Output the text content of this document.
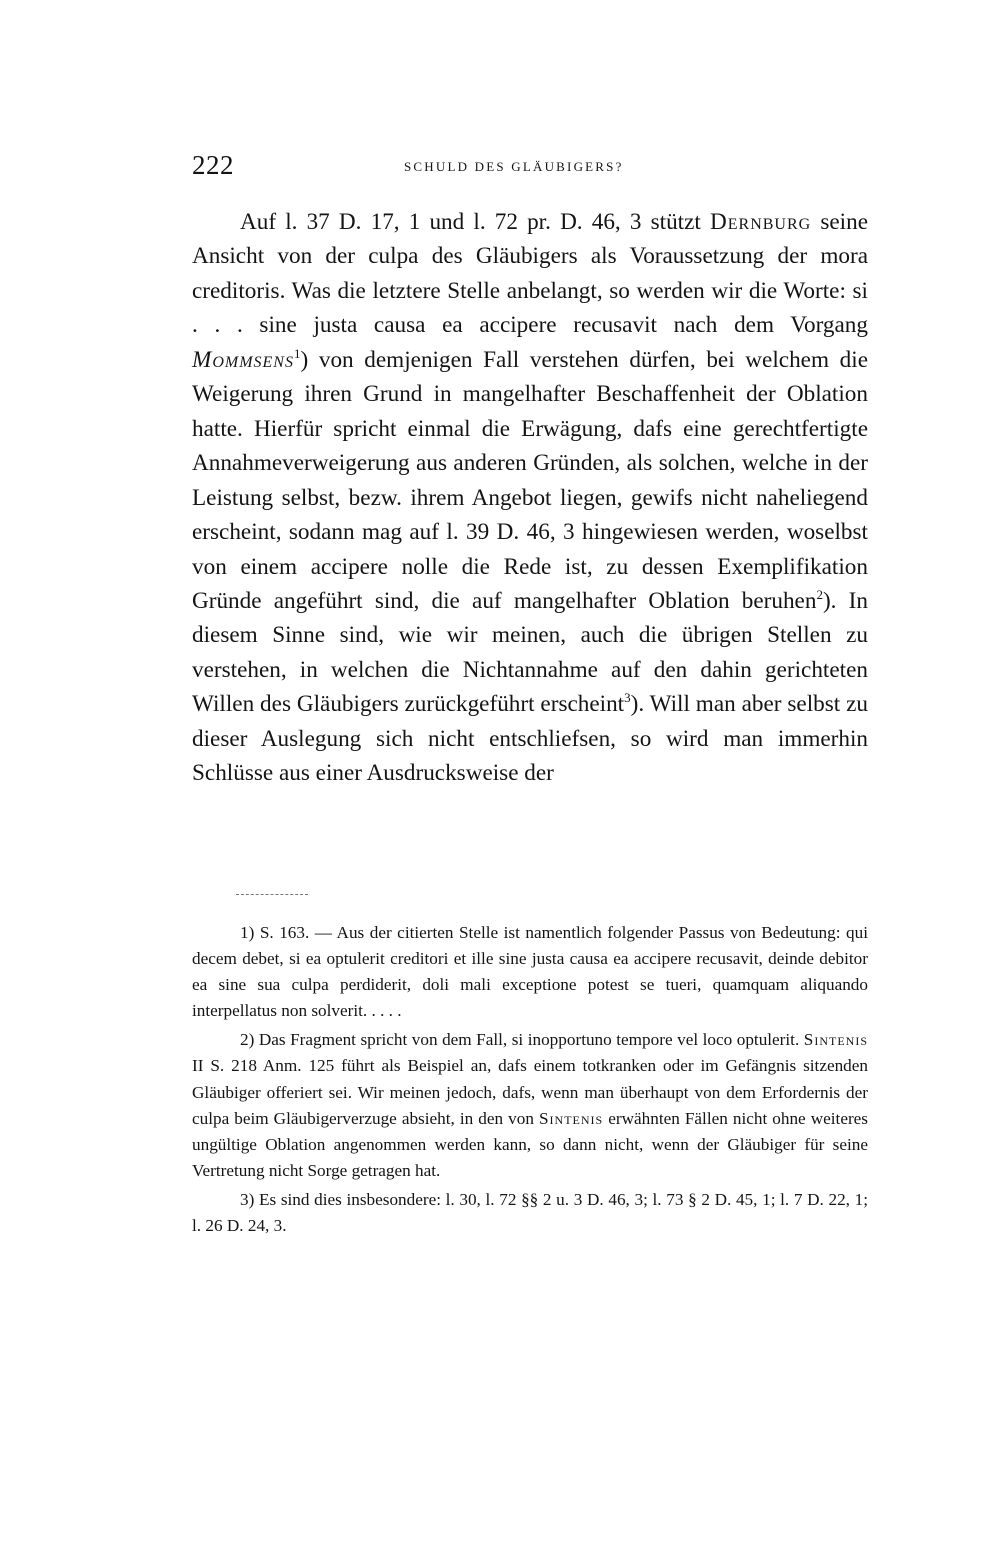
222	SCHULD DES GLÄUBIGERS?

Auf l. 37 D. 17, 1 und l. 72 pr. D. 46, 3 stützt Dernburg seine Ansicht von der culpa des Gläubigers als Voraussetzung der mora creditoris. Was die letztere Stelle anbelangt, so werden wir die Worte: si . . . sine justa causa ea accipere recusavit nach dem Vorgang Mommsens$^1$) von demjenigen Fall verstehen dürfen, bei welchem die Weigerung ihren Grund in mangelhafter Beschaffenheit der Oblation hatte. Hierfür spricht einmal die Erwägung, dafs eine gerechtfertigte Annahmeverweigerung aus anderen Gründen, als solchen, welche in der Leistung selbst, bezw. ihrem Angebot liegen, gewifs nicht naheliegend erscheint, sodann mag auf l. 39 D. 46, 3 hingewiesen werden, woselbst von einem accipere nolle die Rede ist, zu dessen Exemplifikation Gründe angeführt sind, die auf mangelhafter Oblation beruhen$^2$). In diesem Sinne sind, wie wir meinen, auch die übrigen Stellen zu verstehen, in welchen die Nichtannahme auf den dahin gerichteten Willen des Gläubigers zurückgeführt erscheint$^3$). Will man aber selbst zu dieser Auslegung sich nicht entschliefsen, so wird man immerhin Schlüsse aus einer Ausdrucksweise der

1) S. 163. — Aus der citierten Stelle ist namentlich folgender Passus von Bedeutung: qui decem debet, si ea optulerit creditori et ille sine justa causa ea accipere recusavit, deinde debitor ea sine sua culpa perdiderit, doli mali exceptione potest se tueri, quamquam aliquando interpellatus non solverit. . . . .

2) Das Fragment spricht von dem Fall, si inopportuno tempore vel loco optulerit. Sintenis II S. 218 Anm. 125 führt als Beispiel an, dafs einem totkranken oder im Gefängnis sitzenden Gläubiger offeriert sei. Wir meinen jedoch, dafs, wenn man überhaupt von dem Erfordernis der culpa beim Gläubigerverzuge absieht, in den von Sintenis erwähnten Fällen nicht ohne weiteres ungültige Oblation angenommen werden kann, so dann nicht, wenn der Gläubiger für seine Vertretung nicht Sorge getragen hat.

3) Es sind dies insbesondere: l. 30, l. 72 §§ 2 u. 3 D. 46, 3; l. 73 § 2 D. 45, 1; l. 7 D. 22, 1; l. 26 D. 24, 3.
